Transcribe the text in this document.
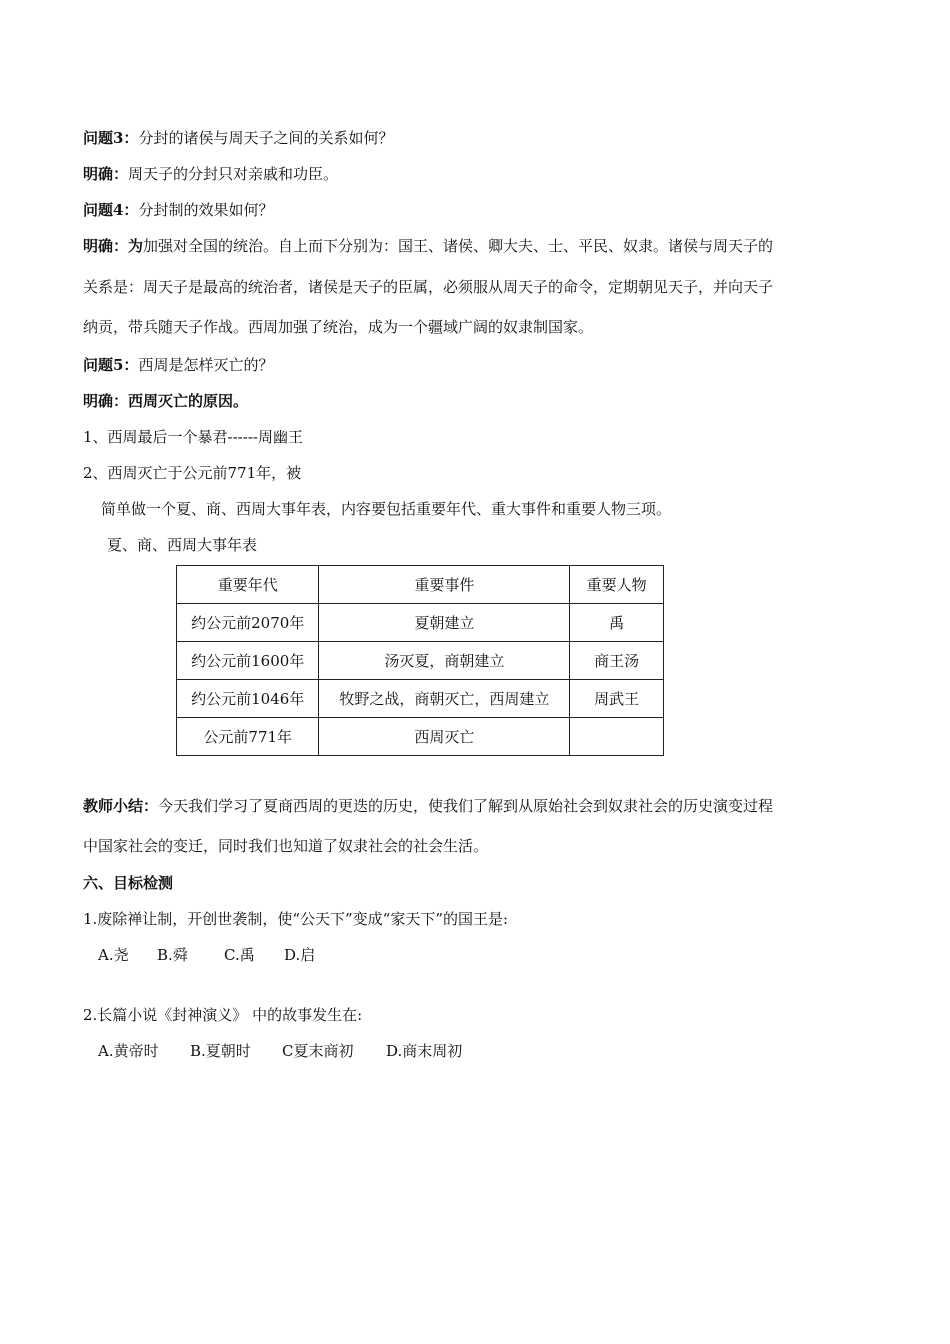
问题3：分封的诸侯与周天子之间的关系如何？
明确：周天子的分封只对亲戚和功臣。
问题4：分封制的效果如何？
明确：为加强对全国的统治。自上而下分别为：国王、诸侯、卿大夫、士、平民、奴隶。诸侯与周天子的
关系是：周天子是最高的统治者，诸侯是天子的臣属，必须服从周天子的命令，定期朝见天子，并向天子
纳贡，带兵随天子作战。西周加强了统治，成为一个疆域广阔的奴隶制国家。
问题5：西周是怎样灭亡的？
明确：西周灭亡的原因。
1、西周最后一个暴君------周幽王
2、西周灭亡于公元前771年，被
简单做一个夏、商、西周大事年表，内容要包括重要年代、重大事件和重要人物三项。
夏、商、西周大事年表
重要年代	重要事件	重要人物
约公元前2070年	夏朝建立	禹
约公元前1600年	汤灭夏，商朝建立	商王汤
约公元前1046年	牧野之战，商朝灭亡，西周建立	周武王
公元前771年	西周灭亡	
教师小结：今天我们学习了夏商西周的更迭的历史，使我们了解到从原始社会到奴隶社会的历史演变过程
中国家社会的变迁，同时我们也知道了奴隶社会的社会生活。
六、目标检测
1.废除禅让制，开创世袭制，使“公天下”变成“家天下”的国王是:
A.尧 B.舜 C.禹 D.启
2.长篇小说《封神演义》 中的故事发生在:
A.黄帝时 B.夏朝时 C夏末商初 D.商末周初
